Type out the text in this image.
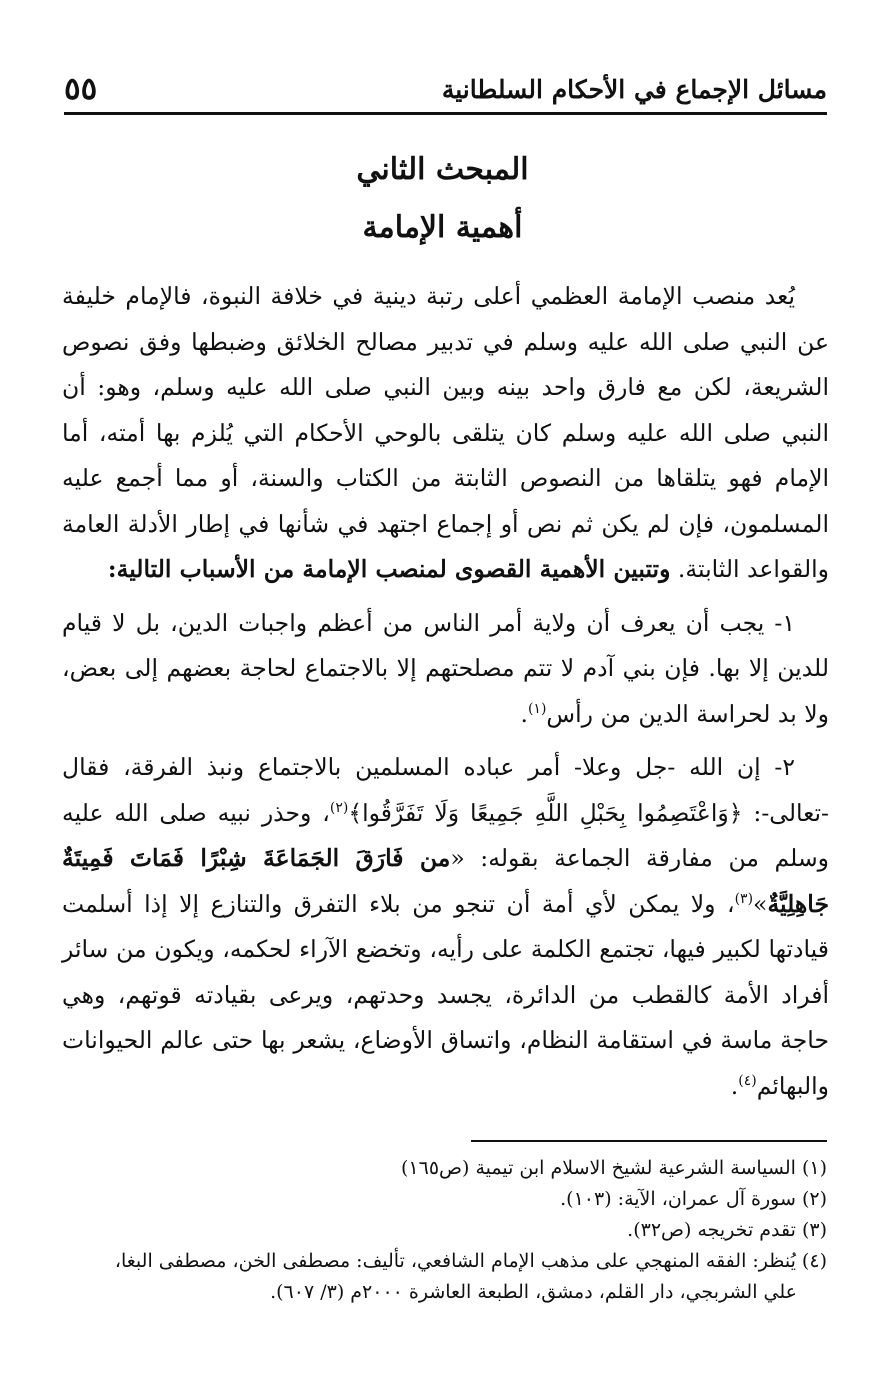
مسائل الإجماع في الأحكام السلطانية
٥٥
المبحث الثاني
أهمية الإمامة

يُعد منصب الإمامة العظمي أعلى رتبة دينية في خلافة النبوة، فالإمام خليفة عن النبي صلى الله عليه وسلم في تدبير مصالح الخلائق وضبطها وفق نصوص الشريعة، لكن مع فارق واحد بينه وبين النبي صلى الله عليه وسلم، وهو: أن النبي صلى الله عليه وسلم كان يتلقى بالوحي الأحكام التي يُلزم بها أمته، أما الإمام فهو يتلقاها من النصوص الثابتة من الكتاب والسنة، أو مما أجمع عليه المسلمون، فإن لم يكن ثم نص أو إجماع اجتهد في شأنها في إطار الأدلة العامة والقواعد الثابتة. وتتبين الأهمية القصوى لمنصب الإمامة من الأسباب التالية:

١- يجب أن يعرف أن ولاية أمر الناس من أعظم واجبات الدين، بل لا قيام للدين إلا بها. فإن بني آدم لا تتم مصلحتهم إلا بالاجتماع لحاجة بعضهم إلى بعض، ولا بد لحراسة الدين من رأس$^{(١)}$.

٢- إن الله -جل وعلا- أمر عباده المسلمين بالاجتماع ونبذ الفرقة، فقال -تعالى-: ﴿وَاعْتَصِمُوا بِحَبْلِ اللَّهِ جَمِيعًا وَلَا تَفَرَّقُوا﴾$^{(٢)}$، وحذر نبيه صلى الله عليه وسلم من مفارقة الجماعة بقوله: «من فَارَقَ الجَمَاعَةَ شِبْرًا فَمَاتَ فَمِيتَةٌ جَاهِلِيَّةٌ»$^{(٣)}$، ولا يمكن لأي أمة أن تنجو من بلاء التفرق والتنازع إلا إذا أسلمت قيادتها لكبير فيها، تجتمع الكلمة على رأيه، وتخضع الآراء لحكمه، ويكون من سائر أفراد الأمة كالقطب من الدائرة، يجسد وحدتهم، ويرعى بقيادته قوتهم، وهي حاجة ماسة في استقامة النظام، واتساق الأوضاع، يشعر بها حتى عالم الحيوانات والبهائم$^{(٤)}$.

(١) السياسة الشرعية لشيخ الاسلام ابن تيمية (ص١٦٥)
(٢) سورة آل عمران، الآية: (١٠٣).
(٣) تقدم تخريجه (ص٣٢).
(٤) يُنظر: الفقه المنهجي على مذهب الإمام الشافعي، تأليف: مصطفى الخن، مصطفى البغا،
علي الشربجي، دار القلم، دمشق، الطبعة العاشرة ٢٠٠٠م (٣/ ٦٠٧).
